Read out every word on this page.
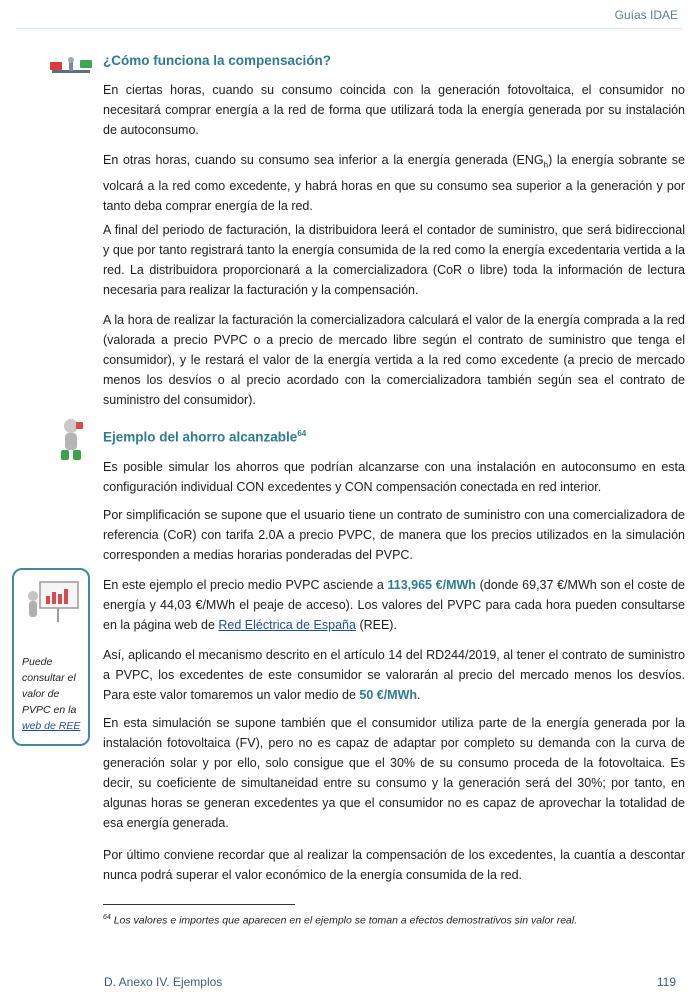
Guías IDAE
¿Cómo funciona la compensación?

En ciertas horas, cuando su consumo coincida con la generación fotovoltaica, el consumidor no necesitará comprar energía a la red de forma que utilizará toda la energía generada por su instalación de autoconsumo.

En otras horas, cuando su consumo sea inferior a la energía generada $(ENG_h)$ la energía sobrante se volcará a la red como excedente, y habrá horas en que su consumo sea superior a la generación y por tanto deba comprar energía de la red.

A final del periodo de facturación, la distribuidora leerá el contador de suministro, que será bidireccional y que por tanto registrará tanto la energía consumida de la red como la energía excedentaria vertida a la red. La distribuidora proporcionará a la comercializadora (CoR o libre) toda la información de lectura necesaria para realizar la facturación y la compensación.

A la hora de realizar la facturación la comercializadora calculará el valor de la energía comprada a la red (valorada a precio PVPC o a precio de mercado libre según el contrato de suministro que tenga el consumidor), y le restará el valor de la energía vertida a la red como excedente (a precio de mercado menos los desvíos o al precio acordado con la comercializadora también según sea el contrato de suministro del consumidor).

Ejemplo del ahorro alcanzable$^{64}$

Es posible simular los ahorros que podrían alcanzarse con una instalación en autoconsumo en esta configuración individual CON excedentes y CON compensación conectada en red interior.

Por simplificación se supone que el usuario tiene un contrato de suministro con una comercializadora de referencia (CoR) con tarifa 2.0A a precio PVPC, de manera que los precios utilizados en la simulación corresponden a medias horarias ponderadas del PVPC.

En este ejemplo el precio medio PVPC asciende a 113,965 €/MWh (donde 69,37 €/MWh son el coste de energía y 44,03 €/MWh el peaje de acceso). Los valores del PVPC para cada hora pueden consultarse en la página web de Red Eléctrica de España (REE).

Así, aplicando el mecanismo descrito en el artículo 14 del RD244/2019, al tener el contrato de suministro a PVPC, los excedentes de este consumidor se valorarán al precio del mercado menos los desvíos. Para este valor tomaremos un valor medio de 50 €/MWh.

En esta simulación se supone también que el consumidor utiliza parte de la energía generada por la instalación fotovoltaica (FV), pero no es capaz de adaptar por completo su demanda con la curva de generación solar y por ello, solo consigue que el 30% de su consumo proceda de la fotovoltaica. Es decir, su coeficiente de simultaneidad entre su consumo y la generación será del 30%; por tanto, en algunas horas se generan excedentes ya que el consumidor no es capaz de aprovechar la totalidad de esa energía generada.

Por último conviene recordar que al realizar la compensación de los excedentes, la cuantía a descontar nunca podrá superar el valor económico de la energía consumida de la red.

Puede consultar el valor de PVPC en la web de REE

$^{64}$ Los valores e importes que aparecen en el ejemplo se toman a efectos demostrativos sin valor real.

D. Anexo IV. Ejemplos	119
